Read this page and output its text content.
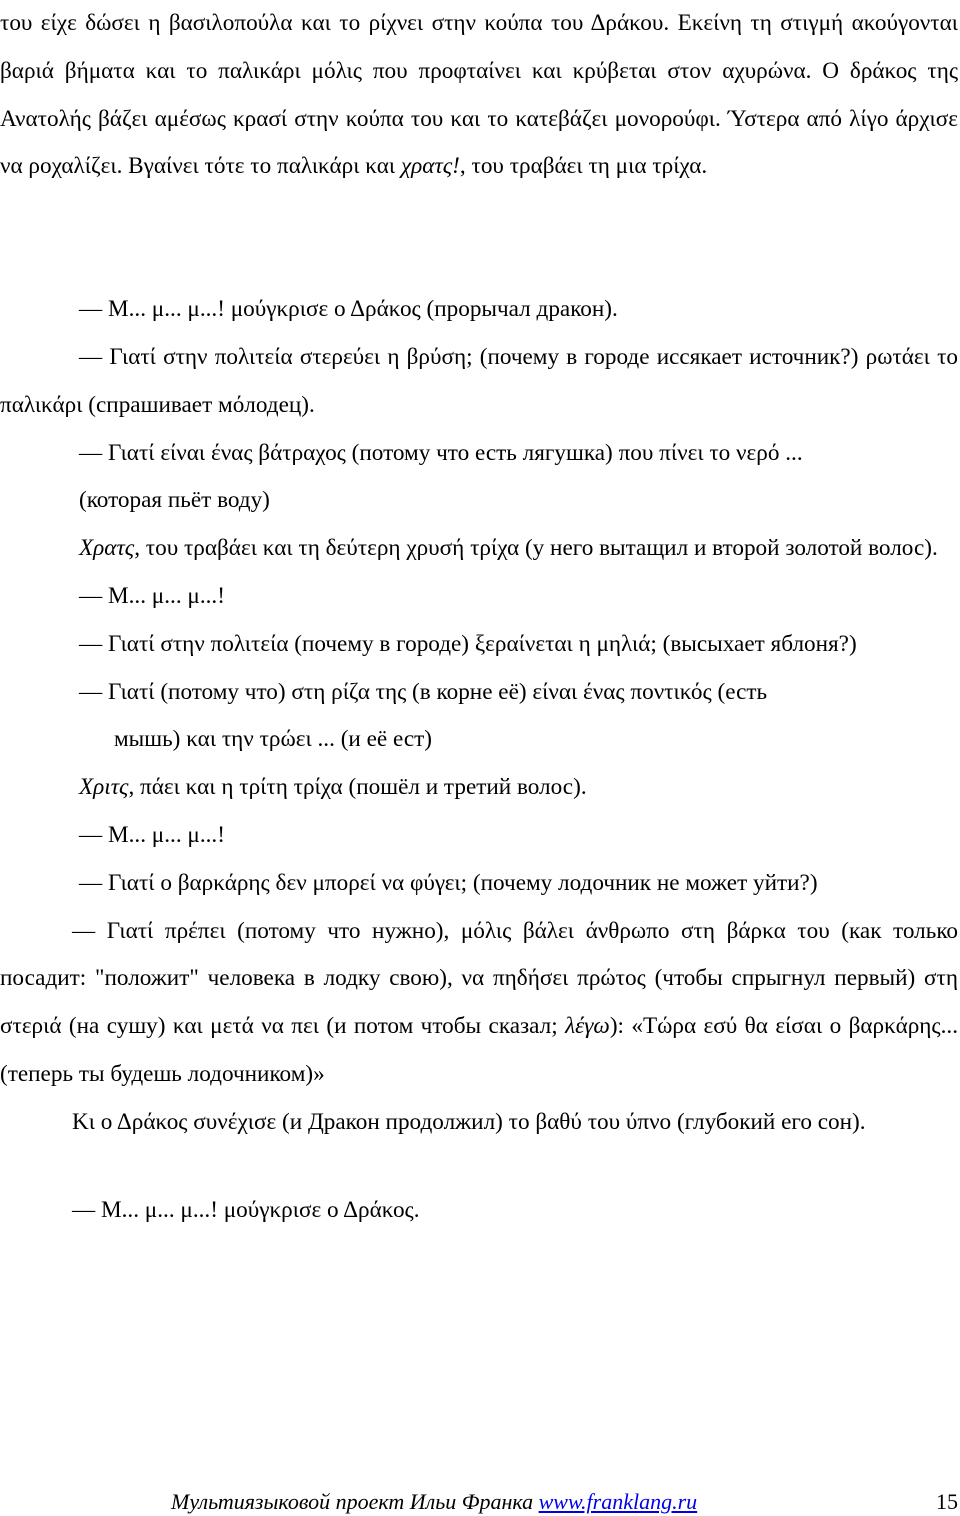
του είχε δώσει η βασιλοπούλα και το ρίχνει στην κούπα του Δράκου. Εκείνη τη στιγμή ακούγονται βαριά βήματα και το παλικάρι μόλις που προφταίνει και κρύβεται στον αχυρώνα. Ο δράκος της Ανατολής βάζει αμέσως κρασί στην κούπα του και το κατεβάζει μονορούφι. Ύστερα από λίγο άρχισε να ροχαλίζει. Βγαίνει τότε το παλικάρι και χρατς!, του τραβάει τη μια τρίχα.

— Μ... μ... μ...! μούγκρισε ο Δράκος (прорычал дракон).

— Γιατί στην πολιτεία στερεύει η βρύση; (почему в городе иссякает источник?) ρωτάει το παλικάρι (спрашивает мόлодец).

— Γιατί είναι ένας βάτραχος (потому что есть лягушка) που πίνει το νερό ...
(которая пьёт воду)

Χρατς, του τραβάει και τη δεύτερη χρυσή τρίχα (у него вытащил и второй золотой волос).

— Μ... μ... μ...!

— Γιατί στην πολιτεία (почему в городе) ξεραίνεται η μηλιά; (высыхает яблоня?)

— Γιατί (потому что) στη ρίζα της (в корне её) είναι ένας ποντικός (есть
мышь) και την τρώει ... (и её ест)

Χριτς, πάει και η τρίτη τρίχα (пошёл и третий волос).

— Μ... μ... μ...!

— Γιατί ο βαρκάρης δεν μπορεί να φύγει; (почему лодочник не может уйти?)

— Γιατί πρέπει (потому что нужно), μόλις βάλει άνθρωπο στη βάρκα του (как только посадит: "положит" человека в лодку свою), να πηδήσει πρώτος (чтобы спрыгнул первый) στη στεριά (на сушу) και μετά να πει (и потом чтобы сказал; λέγω): «Τώρα εσύ θα είσαι ο βαρκάρης... (теперь ты будешь лодочником)»

Κι ο Δράκος συνέχισε (и Дракон продолжил) το βαθύ του ύπνο (глубокий его сон).

— Μ... μ... μ...! μούγκρισε ο Δράκος.

Мультиязыковой проект Ильи Франка www.franklang.ru	15
